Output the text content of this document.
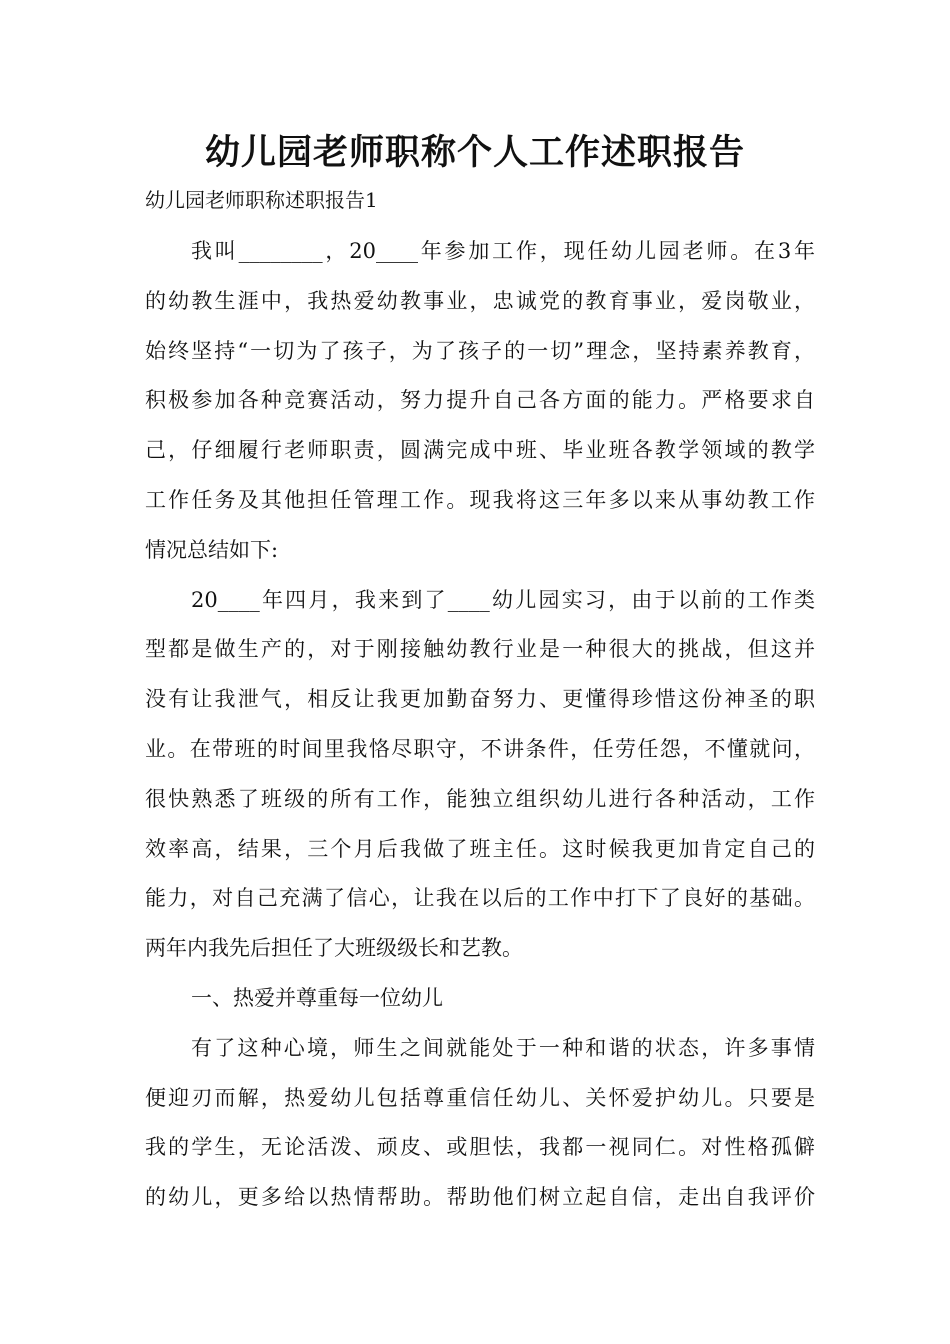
幼儿园老师职称个人工作述职报告
幼儿园老师职称述职报告1
我叫________，20____年参加工作，现任幼儿园老师。在3年
的幼教生涯中，我热爱幼教事业，忠诚党的教育事业，爱岗敬业，
始终坚持“一切为了孩子，为了孩子的一切”理念，坚持素养教育，
积极参加各种竞赛活动，努力提升自己各方面的能力。严格要求自
己，仔细履行老师职责，圆满完成中班、毕业班各教学领域的教学
工作任务及其他担任管理工作。现我将这三年多以来从事幼教工作
情况总结如下:
20____年四月，我来到了____幼儿园实习，由于以前的工作类
型都是做生产的，对于刚接触幼教行业是一种很大的挑战，但这并
没有让我泄气，相反让我更加勤奋努力、更懂得珍惜这份神圣的职
业。在带班的时间里我恪尽职守，不讲条件，任劳任怨，不懂就问，
很快熟悉了班级的所有工作，能独立组织幼儿进行各种活动，工作
效率高，结果，三个月后我做了班主任。这时候我更加肯定自己的
能力，对自己充满了信心，让我在以后的工作中打下了良好的基础。
两年内我先后担任了大班级级长和艺教。
一、热爱并尊重每一位幼儿
有了这种心境，师生之间就能处于一种和谐的状态，许多事情
便迎刃而解，热爱幼儿包括尊重信任幼儿、关怀爱护幼儿。只要是
我的学生，无论活泼、顽皮、或胆怯，我都一视同仁。对性格孤僻
的幼儿，更多给以热情帮助。帮助他们树立起自信，走出自我评价
